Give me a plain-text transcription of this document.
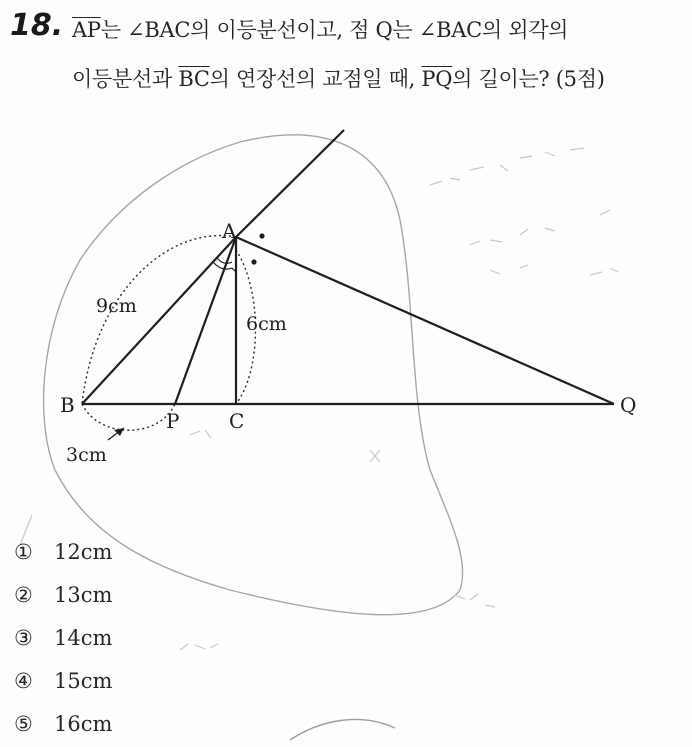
18. $\overline{AP}$는 ∠BAC의 이등분선이고, 점 Q는 ∠BAC의 외각의
이등분선과 $\overline{BC}$의 연장선의 교점일 때, $\overline{PQ}$의 길이는? (5점)
A
B
P C
Q
9cm
6cm
3cm
①	12cm
②	13cm
③	14cm
④	15cm
⑤	16cm
